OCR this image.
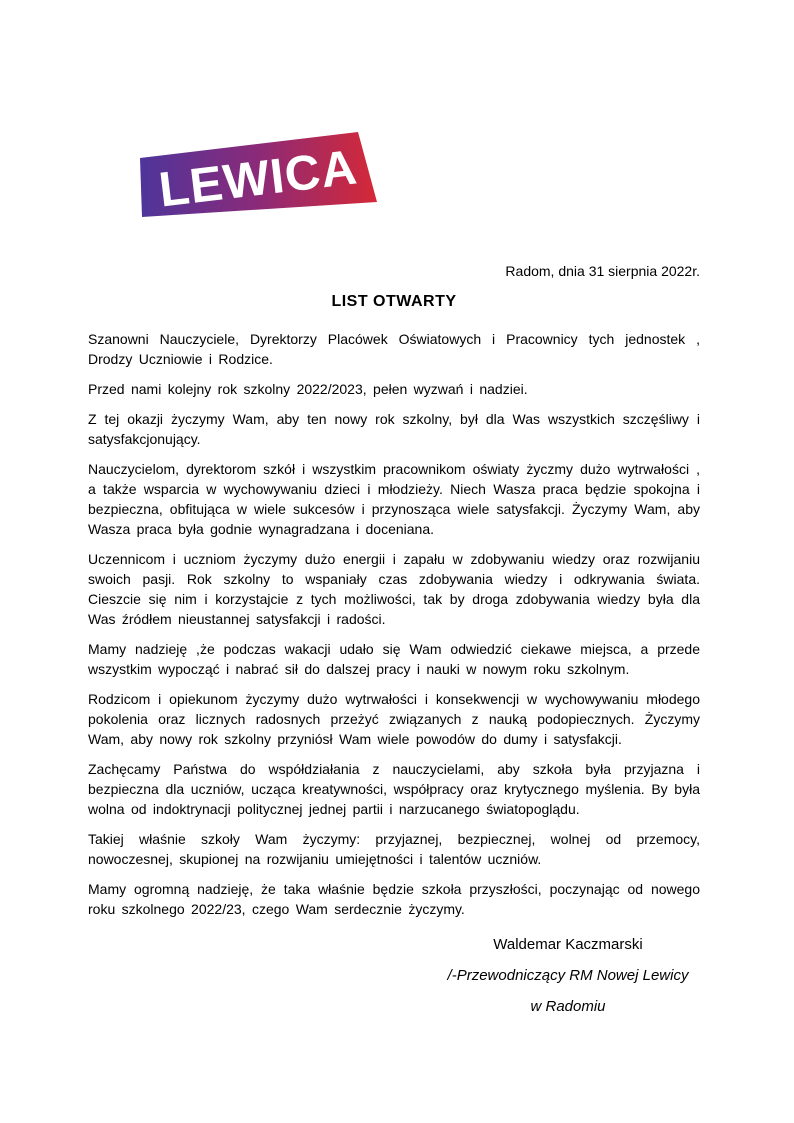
LEWICA

Radom, dnia 31 sierpnia 2022r.

LIST OTWARTY

Szanowni Nauczyciele, Dyrektorzy Placówek Oświatowych i Pracownicy tych jednostek , Drodzy Uczniowie i Rodzice.

Przed nami kolejny rok szkolny 2022/2023, pełen wyzwań i nadziei.

Z tej okazji życzymy Wam, aby ten nowy rok szkolny, był dla Was wszystkich szczęśliwy i satysfakcjonujący.

Nauczycielom, dyrektorom szkół i wszystkim pracownikom oświaty życzmy dużo wytrwałości , a także wsparcia w wychowywaniu dzieci i młodzieży. Niech Wasza praca będzie spokojna i bezpieczna, obfitująca w wiele sukcesów i przynosząca wiele satysfakcji. Życzymy Wam, aby Wasza praca była godnie wynagradzana i doceniana.

Uczennicom i uczniom życzymy dużo energii i zapału w zdobywaniu wiedzy oraz rozwijaniu swoich pasji. Rok szkolny to wspaniały czas zdobywania wiedzy i odkrywania świata. Cieszcie się nim i korzystajcie z tych możliwości, tak by droga zdobywania wiedzy była dla Was źródłem nieustannej satysfakcji i radości.

Mamy nadzieję ,że podczas wakacji udało się Wam odwiedzić ciekawe miejsca, a przede wszystkim wypocząć i nabrać sił do dalszej pracy i nauki w nowym roku szkolnym.

Rodzicom i opiekunom życzymy dużo wytrwałości i konsekwencji w wychowywaniu młodego pokolenia oraz licznych radosnych przeżyć związanych z nauką podopiecznych. Życzymy Wam, aby nowy rok szkolny przyniósł Wam wiele powodów do dumy i satysfakcji.

Zachęcamy Państwa do współdziałania z nauczycielami, aby szkoła była przyjazna i bezpieczna dla uczniów, ucząca kreatywności, współpracy oraz krytycznego myślenia. By była wolna od indoktrynacji politycznej jednej partii i narzucanego światopoglądu.

Takiej właśnie szkoły Wam życzymy: przyjaznej, bezpiecznej, wolnej od przemocy, nowoczesnej, skupionej na rozwijaniu umiejętności i talentów uczniów.

Mamy ogromną nadzieję, że taka właśnie będzie szkoła przyszłości, poczynając od nowego roku szkolnego 2022/23, czego Wam serdecznie życzymy.

Waldemar Kaczmarski

/-Przewodniczący RM Nowej Lewicy

w Radomiu
